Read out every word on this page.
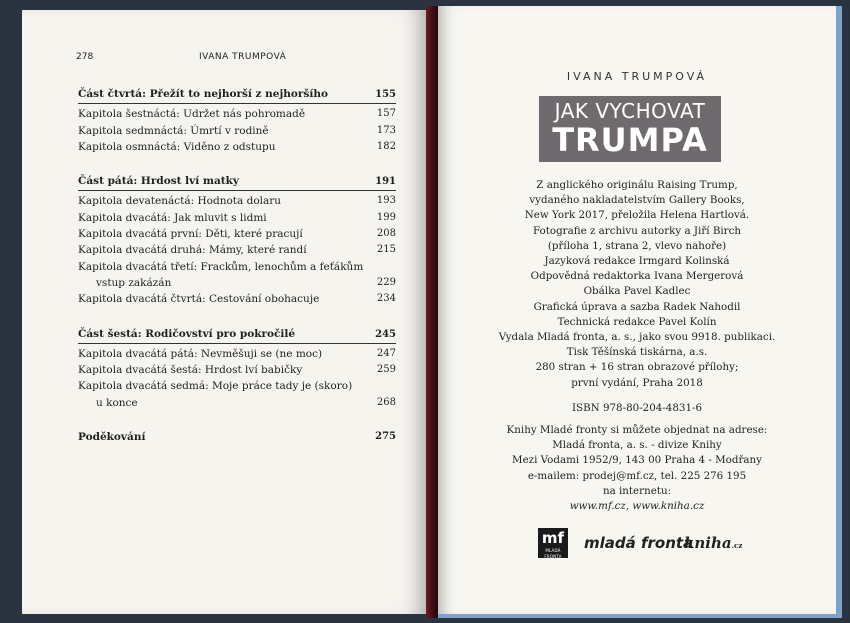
278	IVANA TRUMPOVÁ
Část čtvrtá: Přežít to nejhorší z nejhoršího	155
Kapitola šestnáctá: Udržet nás pohromadě	157
Kapitola sedmnáctá: Úmrtí v rodině	173
Kapitola osmnáctá: Viděno z odstupu	182
Část pátá: Hrdost lví matky	191
Kapitola devatenáctá: Hodnota dolaru	193
Kapitola dvacátá: Jak mluvit s lidmi	199
Kapitola dvacátá první: Děti, které pracují	208
Kapitola dvacátá druhá: Mámy, které randí	215
Kapitola dvacátá třetí: Frackům, lenochům a feťákům
vstup zakázán	229
Kapitola dvacátá čtvrtá: Cestování obohacuje	234
Část šestá: Rodičovství pro pokročilé	245
Kapitola dvacátá pátá: Nevměšuji se (ne moc)	247
Kapitola dvacátá šestá: Hrdost lví babičky	259
Kapitola dvacátá sedmá: Moje práce tady je (skoro)
u konce	268
Poděkování	275
IVANA TRUMPOVÁ
JAK VYCHOVAT
TRUMPA
Z anglického originálu Raising Trump,
vydaného nakladatelstvím Gallery Books,
New York 2017, přeložila Helena Hartlová.
Fotografie z archivu autorky a Jiří Birch
(příloha 1, strana 2, vlevo nahoře)
Jazyková redakce Irmgard Kolinská
Odpovědná redaktorka Ivana Mergerová
Obálka Pavel Kadlec
Grafická úprava a sazba Radek Nahodil
Technická redakce Pavel Kolín
Vydala Mladá fronta, a. s., jako svou 9918. publikaci.
Tisk Těšínská tiskárna, a.s.
280 stran + 16 stran obrazové přílohy;
první vydání, Praha 2018
ISBN 978-80-204-4831-6
Knihy Mladé fronty si můžete objednat na adrese:
Mladá fronta, a. s. - divize Knihy
Mezi Vodami 1952/9, 143 00 Praha 4 - Modřany
e-mailem: prodej@mf.cz, tel. 225 276 195
na internetu:
www.mf.cz, www.kniha.cz
mf
MLADÁ FRONTA
mladá fronta
kniha.cz
